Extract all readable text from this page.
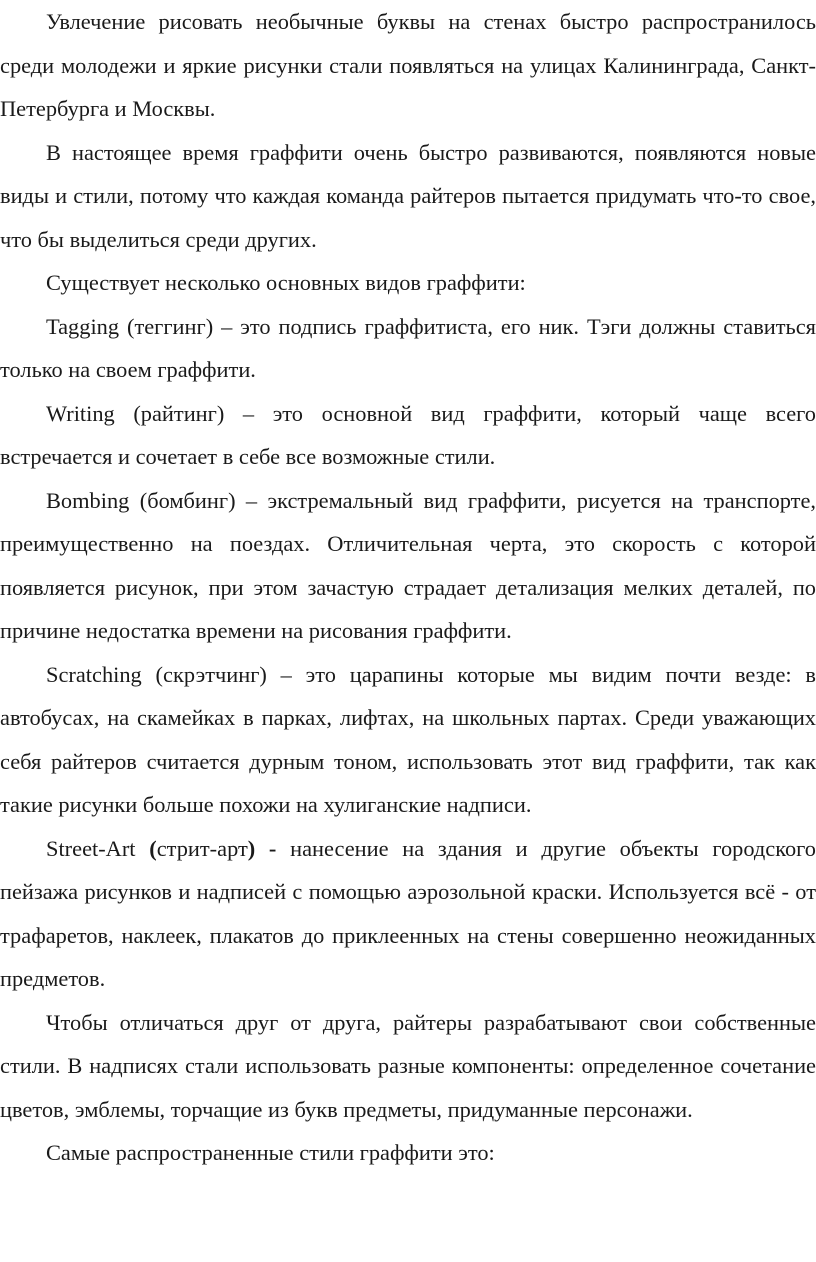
Увлечение рисовать необычные буквы на стенах быстро распространилось среди молодежи и яркие рисунки стали появляться на улицах Калининграда, Санкт-Петербурга и Москвы.

В настоящее время граффити очень быстро развиваются, появляются новые виды и стили, потому что каждая команда райтеров пытается придумать что-то свое, что бы выделиться среди других.

Существует несколько основных видов граффити:

Tagging (теггинг) – это подпись граффитиста, его ник. Тэги должны ставиться только на своем граффити.

Writing (райтинг) – это основной вид граффити, который чаще всего встречается и сочетает в себе все возможные стили.

Bombing (бомбинг) – экстремальный вид граффити, рисуется на транспорте, преимущественно на поездах. Отличительная черта, это скорость с которой появляется рисунок, при этом зачастую страдает детализация мелких деталей, по причине недостатка времени на рисования граффити.

Scratching (скрэтчинг) – это царапины которые мы видим почти везде: в автобусах, на скамейках в парках, лифтах, на школьных партах. Среди уважающих себя райтеров считается дурным тоном, использовать этот вид граффити, так как такие рисунки больше похожи на хулиганские надписи.

Street-Art (стрит-арт) - нанесение на здания и другие объекты городского пейзажа рисунков и надписей с помощью аэрозольной краски. Используется всё - от трафаретов, наклеек, плакатов до приклеенных на стены совершенно неожиданных предметов.

Чтобы отличаться друг от друга, райтеры разрабатывают свои собственные стили. В надписях стали использовать разные компоненты: определенное сочетание цветов, эмблемы, торчащие из букв предметы, придуманные персонажи.

Самые распространенные стили граффити это:
